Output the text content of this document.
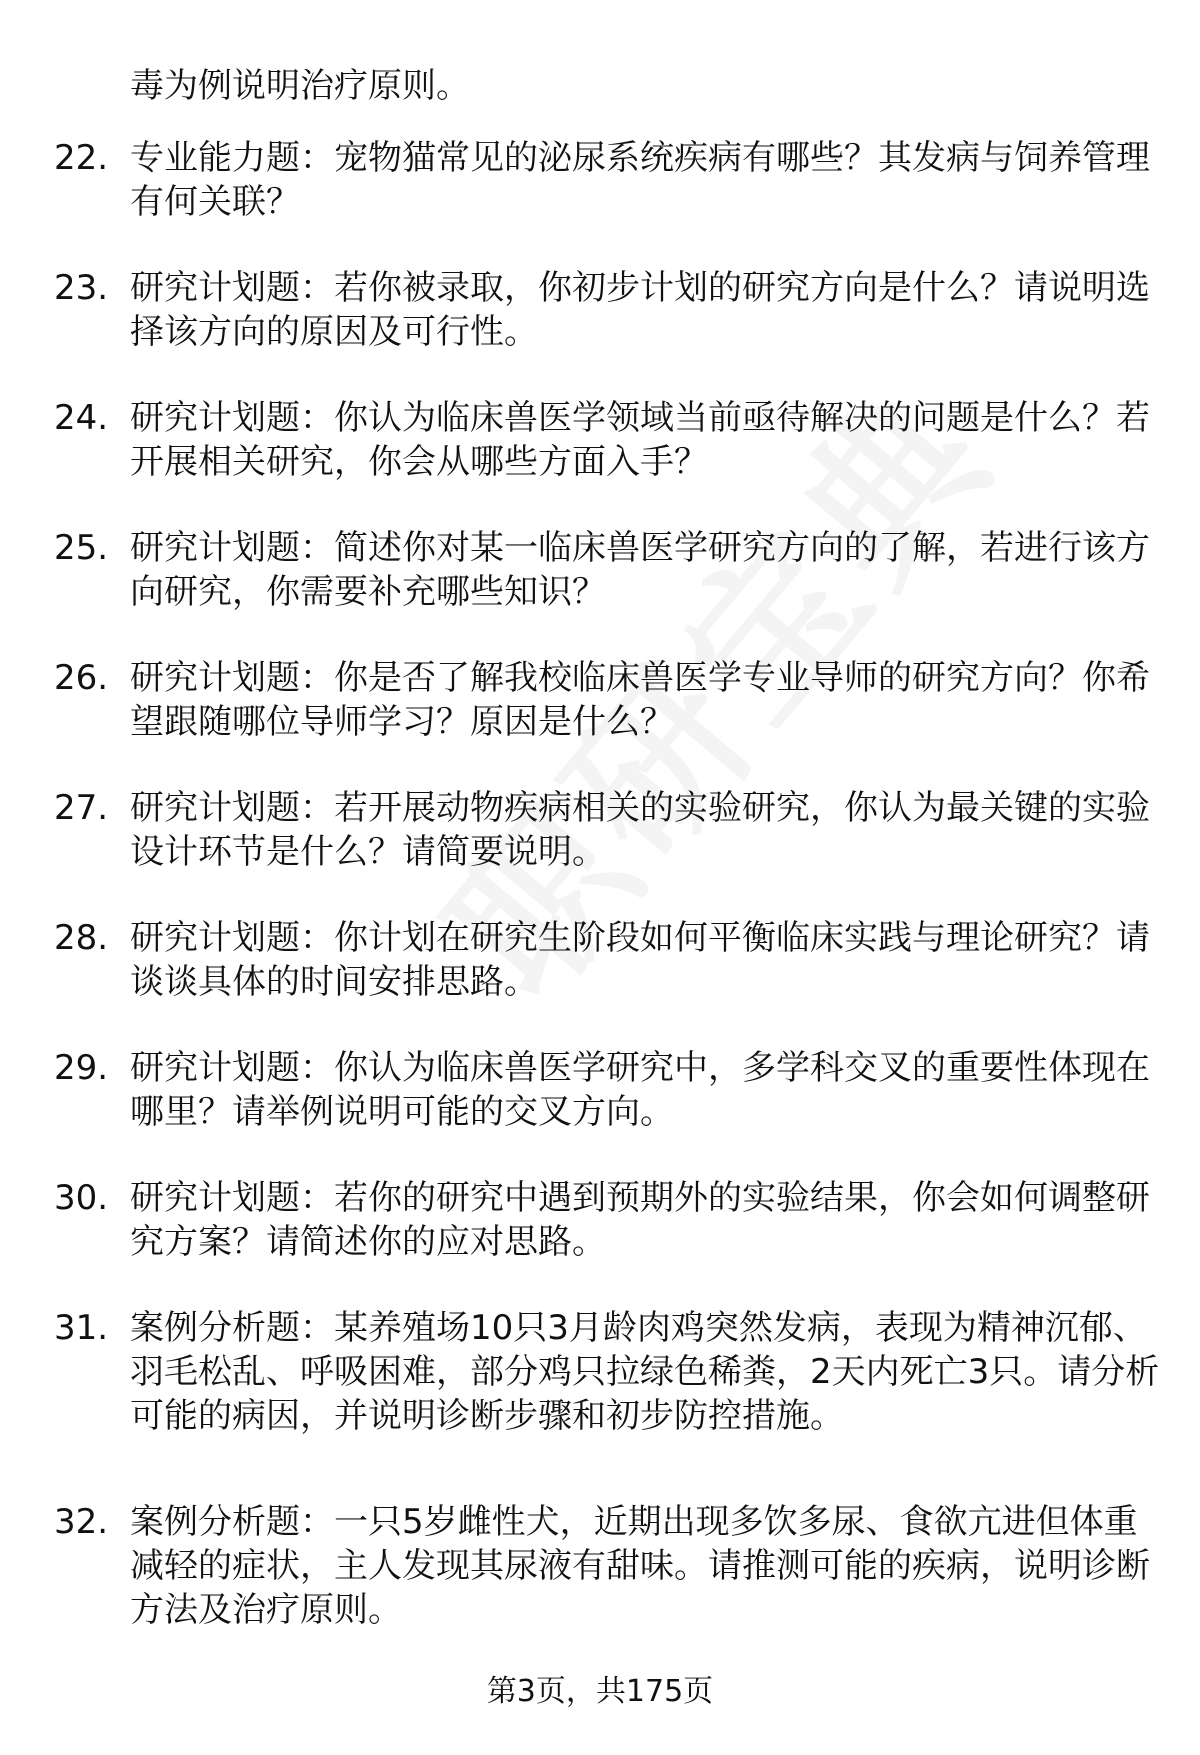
毒为例说明治疗原则。
22. 专业能力题：宠物猫常见的泌尿系统疾病有哪些？其发病与饲养管理有何关联？
23. 研究计划题：若你被录取，你初步计划的研究方向是什么？请说明选择该方向的原因及可行性。
24. 研究计划题：你认为临床兽医学领域当前亟待解决的问题是什么？若开展相关研究，你会从哪些方面入手？
25. 研究计划题：简述你对某一临床兽医学研究方向的了解，若进行该方向研究，你需要补充哪些知识？
26. 研究计划题：你是否了解我校临床兽医学专业导师的研究方向？你希望跟随哪位导师学习？原因是什么？
27. 研究计划题：若开展动物疾病相关的实验研究，你认为最关键的实验设计环节是什么？请简要说明。
28. 研究计划题：你计划在研究生阶段如何平衡临床实践与理论研究？请谈谈具体的时间安排思路。
29. 研究计划题：你认为临床兽医学研究中，多学科交叉的重要性体现在哪里？请举例说明可能的交叉方向。
30. 研究计划题：若你的研究中遇到预期外的实验结果，你会如何调整研究方案？请简述你的应对思路。
31. 案例分析题：某养殖场10只3月龄肉鸡突然发病，表现为精神沉郁、羽毛松乱、呼吸困难，部分鸡只拉绿色稀粪，2天内死亡3只。请分析可能的病因，并说明诊断步骤和初步防控措施。
32. 案例分析题：一只5岁雌性犬，近期出现多饮多尿、食欲亢进但体重减轻的症状，主人发现其尿液有甜味。请推测可能的疾病，说明诊断方法及治疗原则。
第3页，共175页
